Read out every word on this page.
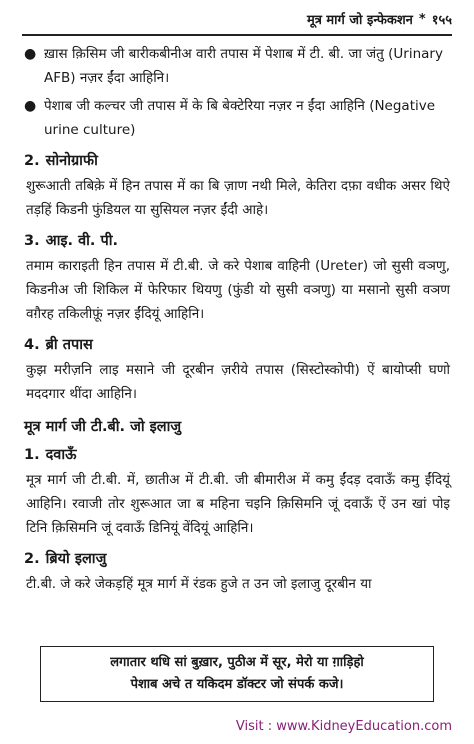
मूत्र मार्ग जो इन्फेकशन * १५५
● ख़ास क़िसिम जी बारीकबीनीअ वारी तपास में पेशाब में टी. बी. जा जंतु (Urinary AFB) नज़र ईंदा आहिनि।
● पेशाब जी कल्चर जी तपास में के बि बेक्टेरिया नज़र न ईंदा आहिनि (Negative urine culture)
2. सोनोग्राफी
शुरूआती तबिक़े में हिन तपास में का बि ज़ाण नथी मिले, केतिरा दफ़ा वधीक असर थिऐ तड़हिं किडनी फुंडियल या सुसियल नज़र ईंदी आहे।
3. आइ. वी. पी.
तमाम काराइती हिन तपास में टी.बी. जे करे पेशाब वाहिनी (Ureter) जो सुसी वञणु, किडनीअ जी शिकिल में फेरिफार थियणु (फुंडी यो सुसी वञणु) या मसानो सुसी वञण वग़ैरह तकिलीफ़ूं नज़र ईंदियूं आहिनि।
4. ब्री तपास
कुझ मरीज़नि लाइ मसाने जी दूरबीन ज़रीये तपास (सिस्टोस्कोपी) ऐं बायोप्सी घणो मददगार थींदा आहिनि।
मूत्र मार्ग जी टी.बी. जो इलाजु
1. दवाऊँ
मूत्र मार्ग जी टी.बी. में, छातीअ में टी.बी. जी बीमारीअ में कमु ईंदड़ दवाऊँ कमु ईंदियूं आहिनि। रवाजी तोर शुरूआत जा ब महिना चइनि क़िसिमनि जूं दवाऊँ ऐं उन खां पोइ टिनि क़िसिमनि जूं दवाऊँ डिनियूं वेंदियूं आहिनि।
2. ब्रियो इलाजु
टी.बी. जे करे जेकड़हिं मूत्र मार्ग में रंडक हुजे त उन जो इलाजु दूरबीन या
लगातार थधि सां बुख़ार, पुठीअ में सूर, मेरो या ग़ाड़िहो
पेशाब अचे त यकिदम डॉक्टर जो संपर्क कजे।
Visit : www.KidneyEducation.com
